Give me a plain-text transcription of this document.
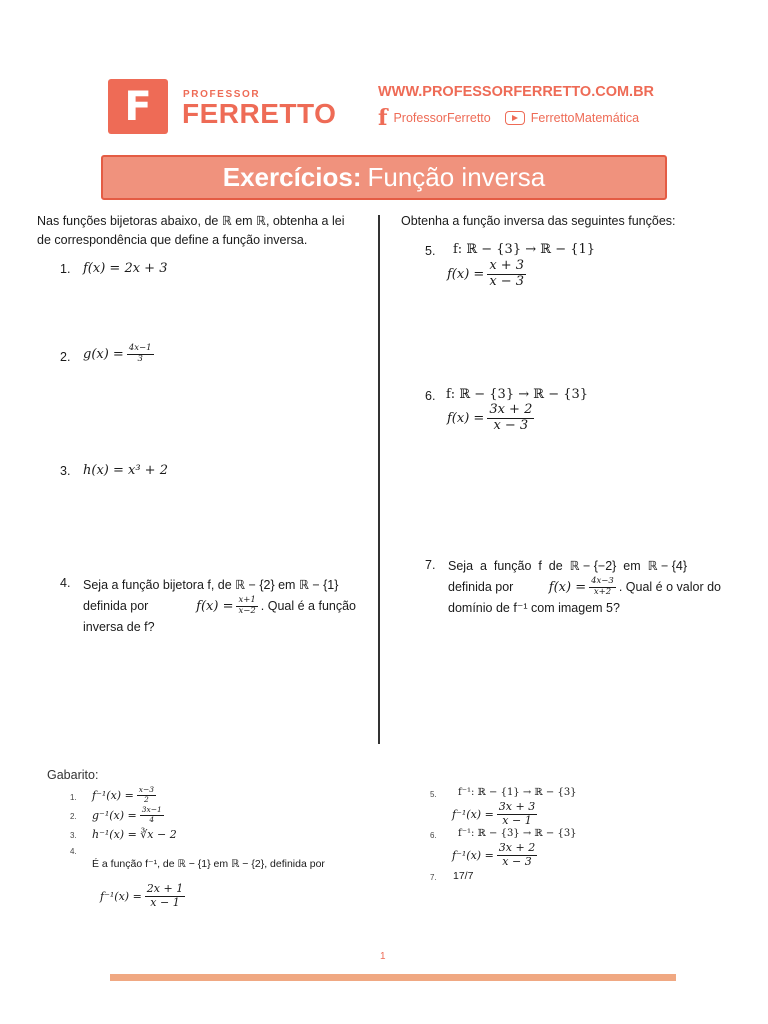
F	PROFESSOR
FERRETTO
WWW.PROFESSORFERRETTO.COM.BR
f ProfessorFerretto	FerrettoMatemática
Exercícios: Função inversa
Nas funções bijetoras abaixo, de ℝ em ℝ, obtenha a lei
de correspondência que define a função inversa.
1. f(x) = 2x + 3
2. $g(x) = \frac{4x-1}{3}$
3. h(x) = x³ + 2
4. Seja a função bijetora f, de ℝ − {2} em ℝ − {1}
definida por	$f(x) = \frac{x+1}{x-2}$ . Qual é a função
inversa de f?
Obtenha a função inversa das seguintes funções:
5. f: ℝ − {3} → ℝ − {1}
$f(x) = \frac{x + 3}{x - 3}$
6. f: ℝ − {3} → ℝ − {3}
$f(x) = \frac{3x + 2}{x - 3}$
7. Seja  a  função  f  de  ℝ − {−2}  em  ℝ − {4}
definida por	$f(x) = \frac{4x-3}{x+2}$ . Qual é o valor do
domínio de f⁻¹ com imagem 5?
Gabarito:
1. $f^{-1}(x) = \frac{x-3}{2}$
2. $g^{-1}(x) = \frac{3x-1}{4}$
3. h⁻¹(x) = ∛x − 2
4.
É a função f⁻¹, de ℝ − {1} em ℝ − {2}, definida por
$f^{-1}(x) = \frac{2x + 1}{x - 1}$
5. f⁻¹: ℝ − {1} → ℝ − {3}
$f^{-1}(x) = \frac{3x + 3}{x - 1}$
6. f⁻¹: ℝ − {3} → ℝ − {3}
$f^{-1}(x) = \frac{3x + 2}{x - 3}$
7. 17/7
1
